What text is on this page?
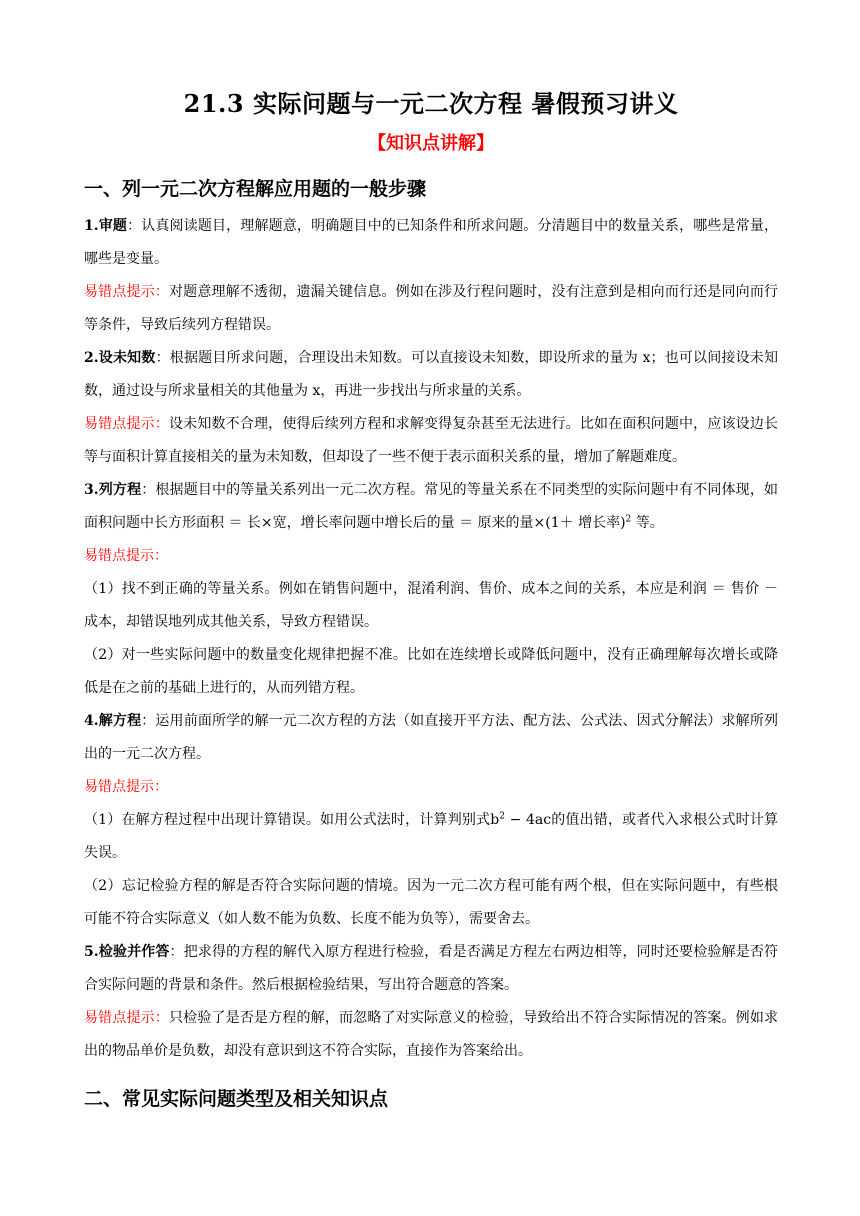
21.3 实际问题与一元二次方程 暑假预习讲义
【知识点讲解】
一、列一元二次方程解应用题的一般步骤

1.审题：认真阅读题目，理解题意，明确题目中的已知条件和所求问题。分清题目中的数量关系，哪些是常量，哪些是变量。

易错点提示：对题意理解不透彻，遗漏关键信息。例如在涉及行程问题时，没有注意到是相向而行还是同向而行等条件，导致后续列方程错误。

2.设未知数：根据题目所求问题，合理设出未知数。可以直接设未知数，即设所求的量为 x；也可以间接设未知数，通过设与所求量相关的其他量为 x，再进一步找出与所求量的关系。

易错点提示：设未知数不合理，使得后续列方程和求解变得复杂甚至无法进行。比如在面积问题中，应该设边长等与面积计算直接相关的量为未知数，但却设了一些不便于表示面积关系的量，增加了解题难度。

3.列方程：根据题目中的等量关系列出一元二次方程。常见的等量关系在不同类型的实际问题中有不同体现，如面积问题中长方形面积 ＝ 长×宽，增长率问题中增长后的量 ＝ 原来的量×(1＋ 增长率)$^2$ 等。

易错点提示：

（1）找不到正确的等量关系。例如在销售问题中，混淆利润、售价、成本之间的关系，本应是利润 ＝ 售价 － 成本，却错误地列成其他关系，导致方程错误。

（2）对一些实际问题中的数量变化规律把握不准。比如在连续增长或降低问题中，没有正确理解每次增长或降低是在之前的基础上进行的，从而列错方程。

4.解方程：运用前面所学的解一元二次方程的方法（如直接开平方法、配方法、公式法、因式分解法）求解所列出的一元二次方程。

易错点提示：

（1）在解方程过程中出现计算错误。如用公式法时，计算判别式$b^2 - 4ac$的值出错，或者代入求根公式时计算失误。

（2）忘记检验方程的解是否符合实际问题的情境。因为一元二次方程可能有两个根，但在实际问题中，有些根可能不符合实际意义（如人数不能为负数、长度不能为负等），需要舍去。

5.检验并作答：把求得的方程的解代入原方程进行检验，看是否满足方程左右两边相等，同时还要检验解是否符合实际问题的背景和条件。然后根据检验结果，写出符合题意的答案。

易错点提示：只检验了是否是方程的解，而忽略了对实际意义的检验，导致给出不符合实际情况的答案。例如求出的物品单价是负数，却没有意识到这不符合实际，直接作为答案给出。

二、常见实际问题类型及相关知识点
